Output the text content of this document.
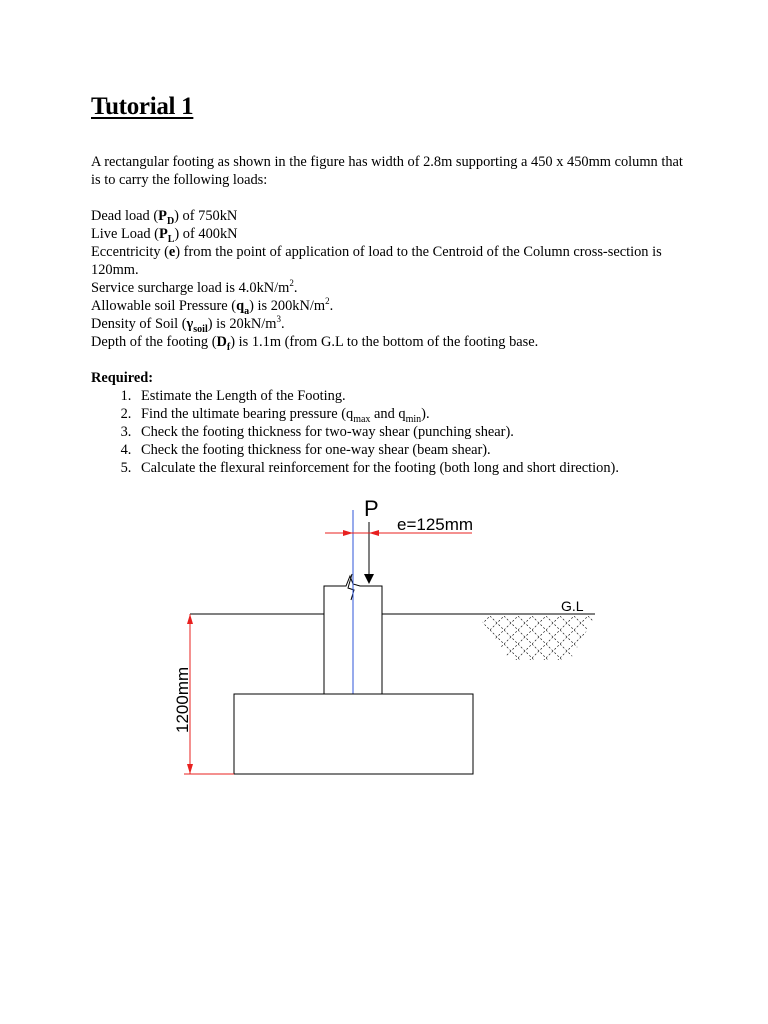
Tutorial 1

A rectangular footing as shown in the figure has width of 2.8m supporting a 450 x 450mm column that is to carry the following loads:

Dead load $(P_D)$ of 750kN

Live Load $(P_L)$ of 400kN

Eccentricity (e) from the point of application of load to the Centroid of the Column cross-section is 120mm.

Service surcharge load is $4.0kN/m^2$.

Allowable soil Pressure $(q_a)$ is $200kN/m^2$.

Density of Soil $(\gamma_{soil})$ is $20kN/m^3$.

Depth of the footing $(D_f)$ is 1.1m (from G.L to the bottom of the footing base.

Required:

1. Estimate the Length of the Footing.
2. Find the ultimate bearing pressure ($q_{max}$ and $q_{min}$).
3. Check the footing thickness for two-way shear (punching shear).
4. Check the footing thickness for one-way shear (beam shear).
5. Calculate the flexural reinforcement for the footing (both long and short direction).
G.L
P
e=125mm
1200mm
